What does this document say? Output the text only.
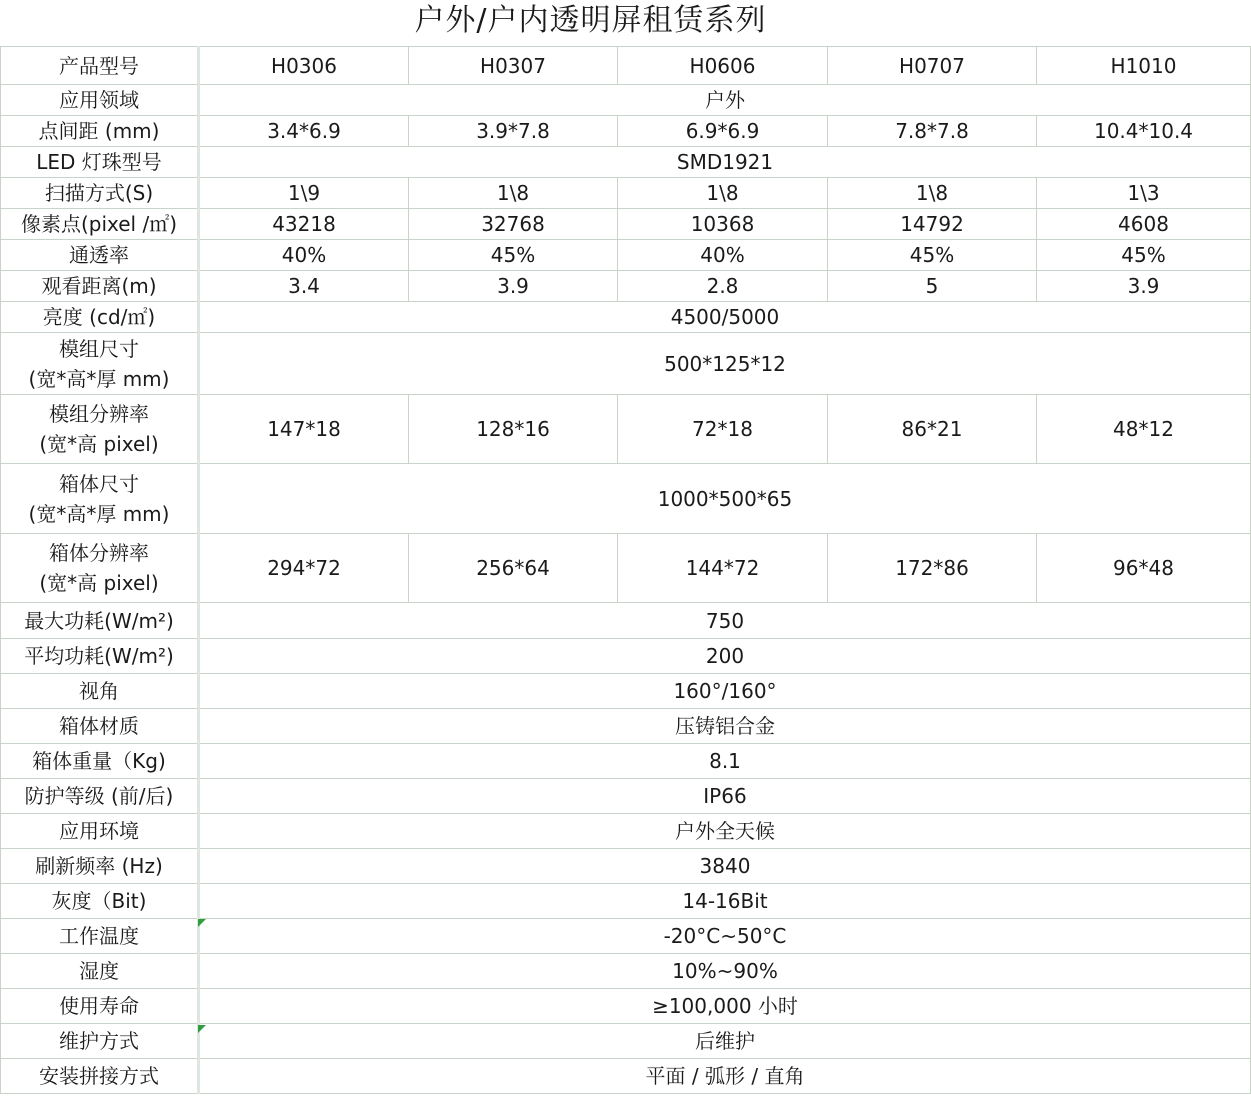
户外/户内透明屏租赁系列
产品型号	H0306	H0307	H0606	H0707	H1010
应用领域	户外				
点间距 (mm)	3.4*6.9	3.9*7.8	6.9*6.9	7.8*7.8	10.4*10.4
LED 灯珠型号	SMD1921				
扫描方式(S)	1\9	1\8	1\8	1\8	1\3
像素点(pixel /㎡)	43218	32768	10368	14792	4608
通透率	40%	45%	40%	45%	45%
观看距离(m)	3.4	3.9	2.8	5	3.9
亮度 (cd/㎡)	4500/5000				

模组尺寸
(宽*高*厚 mm)	500*125*12				

模组分辨率
(宽*高 pixel)	147*18	128*16	72*18	86*21	48*12

箱体尺寸
(宽*高*厚 mm)	1000*500*65				

箱体分辨率
(宽*高 pixel)	294*72	256*64	144*72	172*86	96*48
最大功耗(W/m²)	750				
平均功耗(W/m²)	200				
视角	160°/160°				
箱体材质	压铸铝合金				
箱体重量（Kg)	8.1				
防护等级 (前/后)	IP66				
应用环境	户外全天候				
刷新频率 (Hz)	3840				
灰度（Bit)	14-16Bit				
工作温度	-20°C~50°C				
湿度	10%~90%				
使用寿命	≥100,000 小时				
维护方式	后维护				
安装拼接方式	平面 / 弧形 / 直角				
